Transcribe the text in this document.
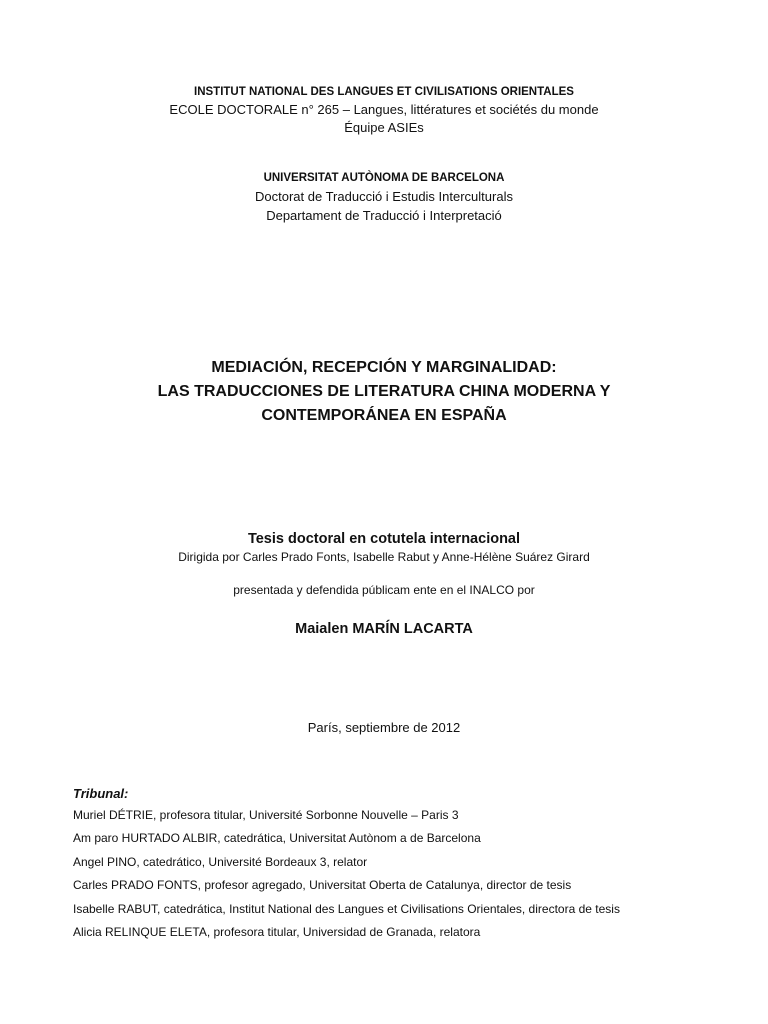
INSTITUT NATIONAL DES LANGUES ET CIVILISATIONS ORIENTALES
ECOLE DOCTORALE n° 265 – Langues, littératures et sociétés du monde
Équipe ASIEs
UNIVERSITAT AUTÒNOMA DE BARCELONA
Doctorat de Traducció i Estudis Interculturals
Departament de Traducció i Interpretació
MEDIACIÓN, RECEPCIÓN Y MARGINALIDAD:
LAS TRADUCCIONES DE LITERATURA CHINA MODERNA Y
CONTEMPORÁNEA EN ESPAÑA
Tesis doctoral en cotutela internacional
Dirigida por Carles Prado Fonts, Isabelle Rabut y Anne-Hélène Suárez Girard
presentada y defendida públicam ente en el INALCO por
Maialen MARÍN LACARTA
París, septiembre de 2012
Tribunal:
Muriel DÉTRIE, profesora titular, Université Sorbonne Nouvelle – Paris 3
Am paro HURTADO ALBIR, catedrática, Universitat Autònom a de Barcelona
Angel PINO, catedrático, Université Bordeaux 3, relator
Carles PRADO FONTS, profesor agregado, Universitat Oberta de Catalunya, director de tesis
Isabelle RABUT, catedrática, Institut National des Langues et Civilisations Orientales, directora de tesis
Alicia RELINQUE ELETA, profesora titular, Universidad de Granada, relatora
